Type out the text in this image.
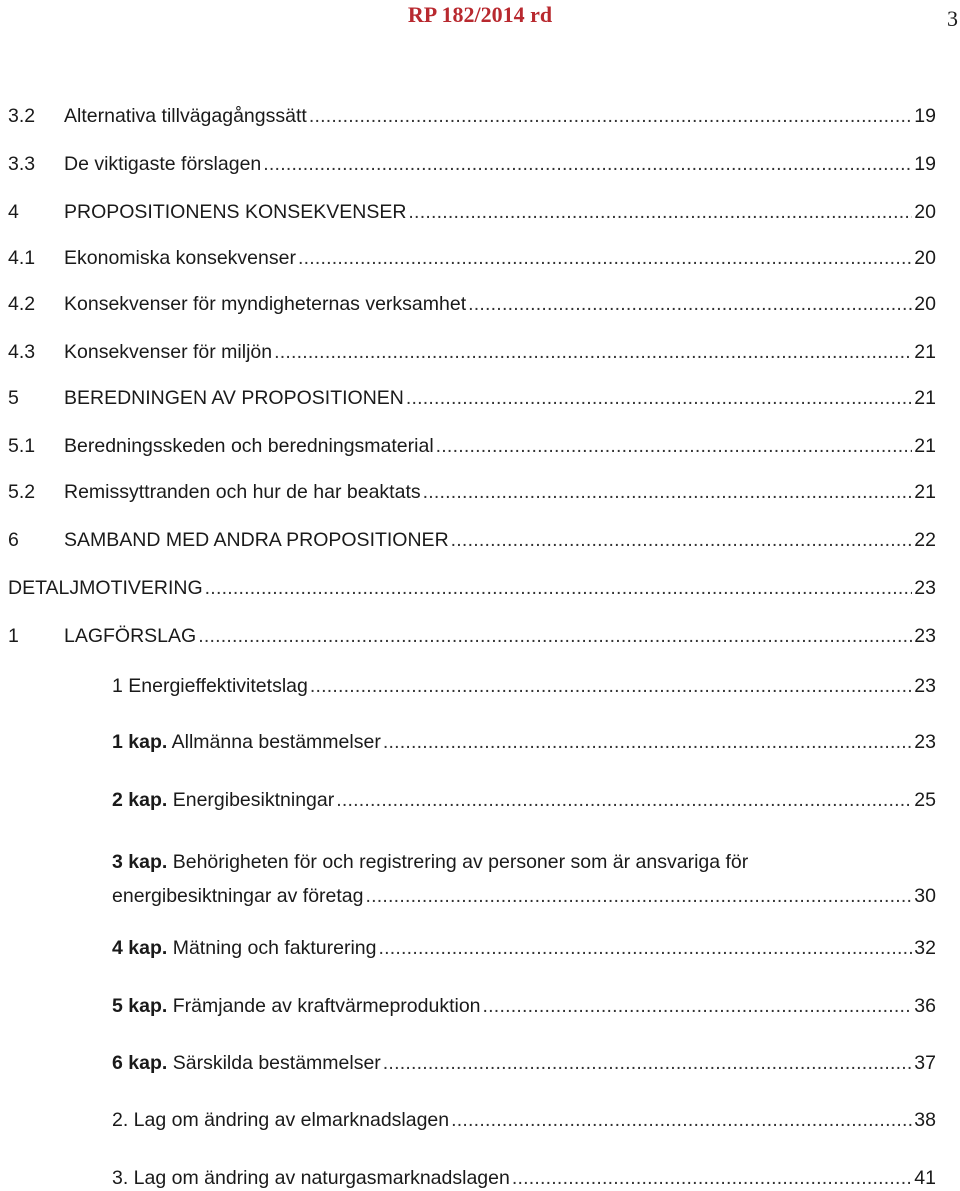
RP 182/2014 rd	3
3.2	Alternativa tillvägagångssätt . . .	19
3.3	De viktigaste förslagen . . .	19
4	PROPOSITIONENS KONSEKVENSER . . .	20
4.1	Ekonomiska konsekvenser . . .	20
4.2	Konsekvenser för myndigheternas verksamhet . . .	20
4.3	Konsekvenser för miljön . . .	21
5	BEREDNINGEN AV PROPOSITIONEN . . .	21
5.1	Beredningsskeden och beredningsmaterial . . .	21
5.2	Remissyttranden och hur de har beaktats . . .	21
6	SAMBAND MED ANDRA PROPOSITIONER . . .	22
DETALJMOTIVERING . . .	23
1	LAGFÖRSLAG . . .	23
1 Energieffektivitetslag . . .	23
1 kap. Allmänna bestämmelser . . .	23
2 kap. Energibesiktningar . . .	25
3 kap. Behörigheten för och registrering av personer som är ansvariga för
energibesiktningar av företag . . .	30
4 kap. Mätning och fakturering . . .	32
5 kap. Främjande av kraftvärmeproduktion . . .	36
6 kap. Särskilda bestämmelser . . .	37
2. Lag om ändring av elmarknadslagen . . .	38
3. Lag om ändring av naturgasmarknadslagen . . .	41
